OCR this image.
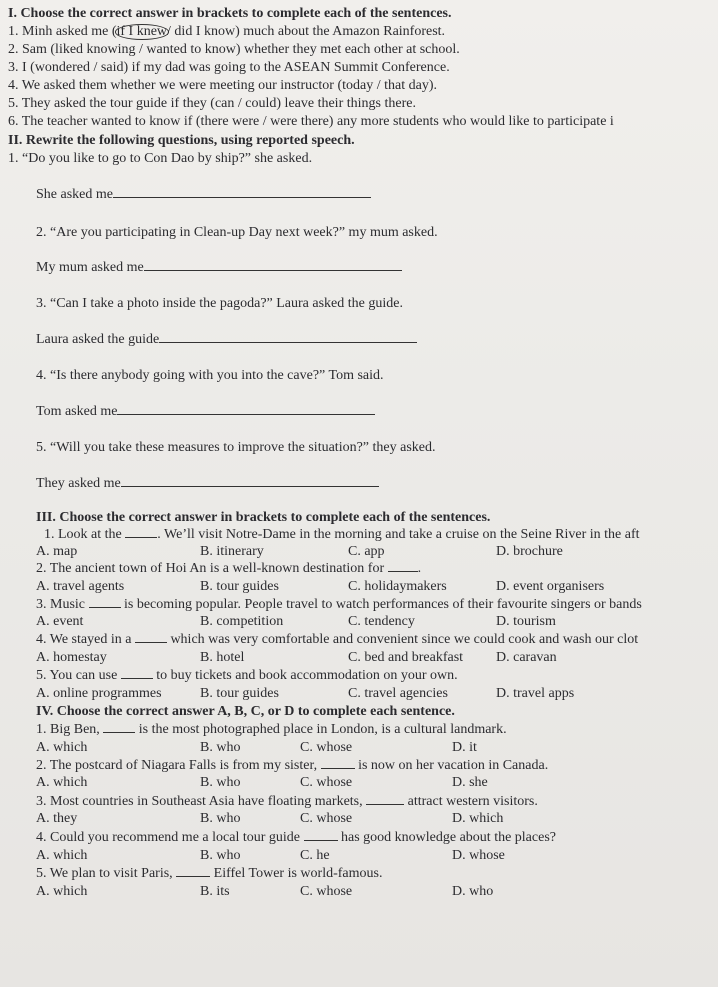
I. Choose the correct answer in brackets to complete each of the sentences.
1. Minh asked me (if I knew/ did I know) much about the Amazon Rainforest.
2. Sam (liked knowing / wanted to know) whether they met each other at school.
3. I (wondered / said) if my dad was going to the ASEAN Summit Conference.
4. We asked them whether we were meeting our instructor (today / that day).
5. They asked the tour guide if they (can / could) leave their things there.
6. The teacher wanted to know if (there were / were there) any more students who would like to participate i
II. Rewrite the following questions, using reported speech.
1. “Do you like to go to Con Dao by ship?” she asked.
She asked me
2. “Are you participating in Clean-up Day next week?” my mum asked.
My mum asked me
3. “Can I take a photo inside the pagoda?” Laura asked the guide.
Laura asked the guide
4. “Is there anybody going with you into the cave?” Tom said.
Tom asked me
5. “Will you take these measures to improve the situation?” they asked.
They asked me
III. Choose the correct answer in brackets to complete each of the sentences.
1. Look at the . We’ll visit Notre-Dame in the morning and take a cruise on the Seine River in the aft
A. map	B. itinerary	C. app	D. brochure
2. The ancient town of Hoi An is a well-known destination for .
A. travel agents	B. tour guides	C. holidaymakers	D. event organisers
3. Music  is becoming popular. People travel to watch performances of their favourite singers or bands
A. event	B. competition	C. tendency	D. tourism
4. We stayed in a  which was very comfortable and convenient since we could cook and wash our clot
A. homestay	B. hotel	C. bed and breakfast D. caravan
5. You can use  to buy tickets and book accommodation on your own.
A. online programmes	B. tour guides	C. travel agencies	D. travel apps
IV. Choose the correct answer A, B, C, or D to complete each sentence.
1. Big Ben,  is the most photographed place in London, is a cultural landmark.
A. which	B. who	C. whose	D. it
2. The postcard of Niagara Falls is from my sister,  is now on her vacation in Canada.
A. which	B. who	C. whose	D. she
3. Most countries in Southeast Asia have floating markets,	attract western visitors.
A. they	B. who	C. whose	D. which
4. Could you recommend me a local tour guide  has good knowledge about the places?
A. which	B. who	C. he	D. whose
5. We plan to visit Paris,  Eiffel Tower is world-famous.
A. which	B. its	C. whose	D. who
